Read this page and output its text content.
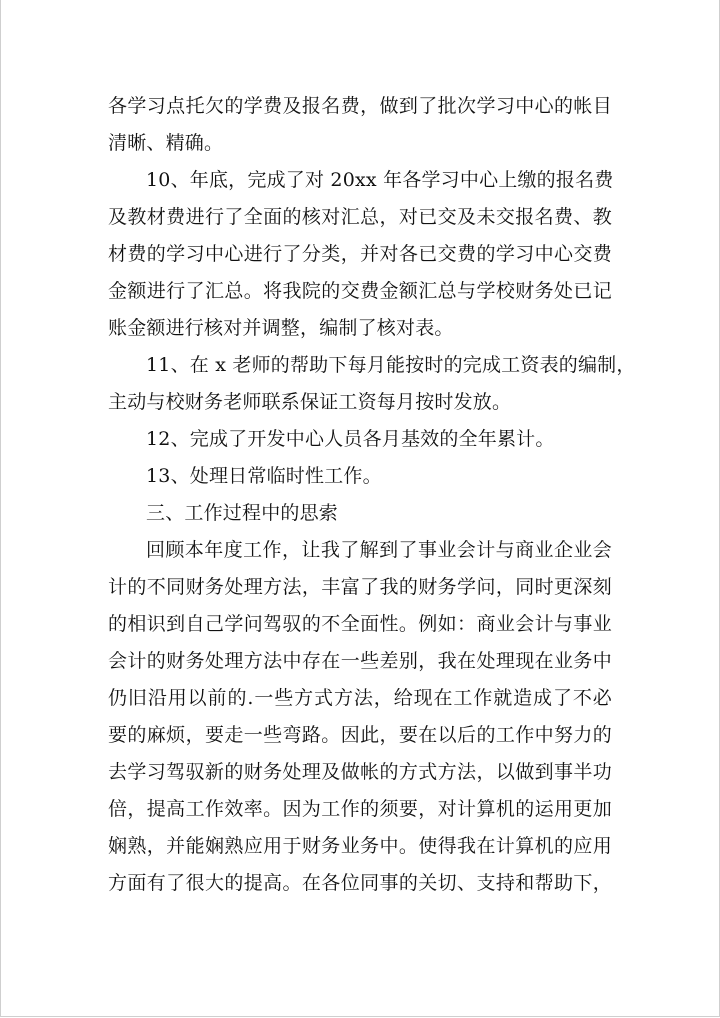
各学习点托欠的学费及报名费，做到了批次学习中心的帐目
清晰、精确。
10、年底，完成了对 20xx 年各学习中心上缴的报名费
及教材费进行了全面的核对汇总，对已交及未交报名费、教
材费的学习中心进行了分类，并对各已交费的学习中心交费
金额进行了汇总。将我院的交费金额汇总与学校财务处已记
账金额进行核对并调整，编制了核对表。
11、在 x 老师的帮助下每月能按时的完成工资表的编制，
主动与校财务老师联系保证工资每月按时发放。
12、完成了开发中心人员各月基效的全年累计。
13、处理日常临时性工作。
三、工作过程中的思索
回顾本年度工作，让我了解到了事业会计与商业企业会
计的不同财务处理方法，丰富了我的财务学问，同时更深刻
的相识到自己学问驾驭的不全面性。例如：商业会计与事业
会计的财务处理方法中存在一些差别，我在处理现在业务中
仍旧沿用以前的.一些方式方法，给现在工作就造成了不必
要的麻烦，要走一些弯路。因此，要在以后的工作中努力的
去学习驾驭新的财务处理及做帐的方式方法，以做到事半功
倍，提高工作效率。因为工作的须要，对计算机的运用更加
娴熟，并能娴熟应用于财务业务中。使得我在计算机的应用
方面有了很大的提高。在各位同事的关切、支持和帮助下，
